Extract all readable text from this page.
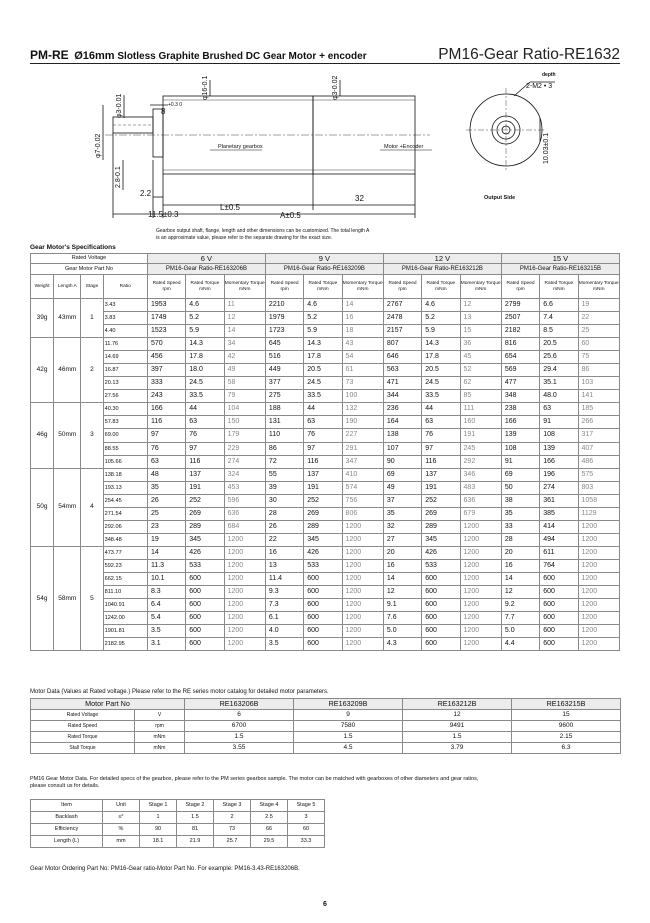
PM-RE Ø16mm Slotless Graphite Brushed DC Gear Motor + encoder	PM16-Gear Ratio-RE1632
L±0.5
32
11.5±0.3	A±0.5
2.2
8
+0.3 0
φ3-0.01
φ7-0.02
2.8-0.1
φ16-0.1	φ3-0.02
10.03±0.1
Planetary gearbox	Motor +Encoder
depth
2-M2 • 3
Output Side
Gearbox output shaft, flange, length and other dimensions can be customized. The total length A
is an approximate value, please refer to the separate drawing for the exact size.
Gear Motor's Specifications
Rated Voltage				6 V			9 V			12 V			15 V		
Gear Motor Part No				PM16-Gear Ratio-RE163206B			PM16-Gear Ratio-RE163209B			PM16-Gear Ratio-RE163212B			PM16-Gear Ratio-RE163215B		
Weight	Length A	Stage	Ratio	Rated Speed rpm	Rated Torque mNm	Momentary Torque mNm	Rated Speed rpm	Rated Torque mNm	Momentary Torque mNm	Rated Speed rpm	Rated Torque mNm	Momentary Torque mNm	Rated Speed rpm	Rated Torque mNm	Momentary Torque mNm
39g	43mm	1	3.43	1953	4.6	11	2210	4.6	14	2767	4.6	12	2799	6.6	19
			3.83	1749	5.2	12	1979	5.2	16	2478	5.2	13	2507	7.4	22
			4.40	1523	5.9	14	1723	5.9	18	2157	5.9	15	2182	8.5	25
42g	46mm	2	11.76	570	14.3	34	645	14.3	43	807	14.3	36	816	20.5	60
			14.69	456	17.8	42	516	17.8	54	646	17.8	45	654	25.6	75
			16.87	397	18.0	49	449	20.5	61	563	20.5	52	569	29.4	86
			20.13	333	24.5	58	377	24.5	73	471	24.5	62	477	35.1	103
			27.56	243	33.5	79	275	33.5	100	344	33.5	85	348	48.0	141
46g	50mm	3	40.30	166	44	104	188	44	132	236	44	111	238	63	185
			57.83	116	63	150	131	63	190	164	63	160	166	91	266
			69.00	97	76	179	110	76	227	138	76	191	139	108	317
			88.55	76	97	229	86	97	291	107	97	245	108	139	407
			105.66	63	116	274	72	116	347	90	116	292	91	166	486
50g	54mm	4	138.18	48	137	324	55	137	410	69	137	346	69	196	575
			193.13	35	191	453	39	191	574	49	191	483	50	274	803
			254.45	26	252	596	30	252	756	37	252	636	38	361	1058
			271.54	25	269	636	28	269	806	35	269	679	35	385	1129
			292.06	23	289	684	26	289	1200	32	289	1200	33	414	1200
			348.48	19	345	1200	22	345	1200	27	345	1200	28	494	1200
54g	58mm	5	473.77	14	426	1200	16	426	1200	20	426	1200	20	611	1200
			592.23	11.3	533	1200	13	533	1200	16	533	1200	16	764	1200
			662.15	10.1	600	1200	11.4	600	1200	14	600	1200	14	600	1200
			811.10	8.3	600	1200	9.3	600	1200	12	600	1200	12	600	1200
			1040.91	6.4	600	1200	7.3	600	1200	9.1	600	1200	9.2	600	1200
			1242.00	5.4	600	1200	6.1	600	1200	7.6	600	1200	7.7	600	1200
			1901.81	3.5	600	1200	4.0	600	1200	5.0	600	1200	5.0	600	1200
			2182.95	3.1	600	1200	3.5	600	1200	4.3	600	1200	4.4	600	1200
Motor Data (Values at Rated voltage.) Please refer to the RE series motor catalog for detailed motor parameters.
Motor Part No		RE163206B	RE163209B	RE163212B	RE163215B
Rated Voltage	V	6	9	12	15
Rated Speed	rpm	6700	7580	9491	9600
Rated Torque	mNm	1.5	1.5	1.5	2.15
Stall Torque	mNm	3.55	4.5	3.79	6.3
PM16 Gear Motor Data. For detailed specs of the gearbox, please refer to the PM series gearbox sample. The motor can be matched with gearboxes of other diameters and gear ratios,
please consult us for details.
Item	Unit	Stage 1	Stage 2	Stage 3	Stage 4	Stage 5
Backlash	≤°	1	1.5	2	2.5	3
Efficiency	%	90	81	73	66	60
Length (L)	mm	18.1	21.9	25.7	29.5	33.3
Gear Motor Ordering Part No: PM16-Gear ratio-Motor Part No. For example: PM16-3.43-RE163206B.
6
